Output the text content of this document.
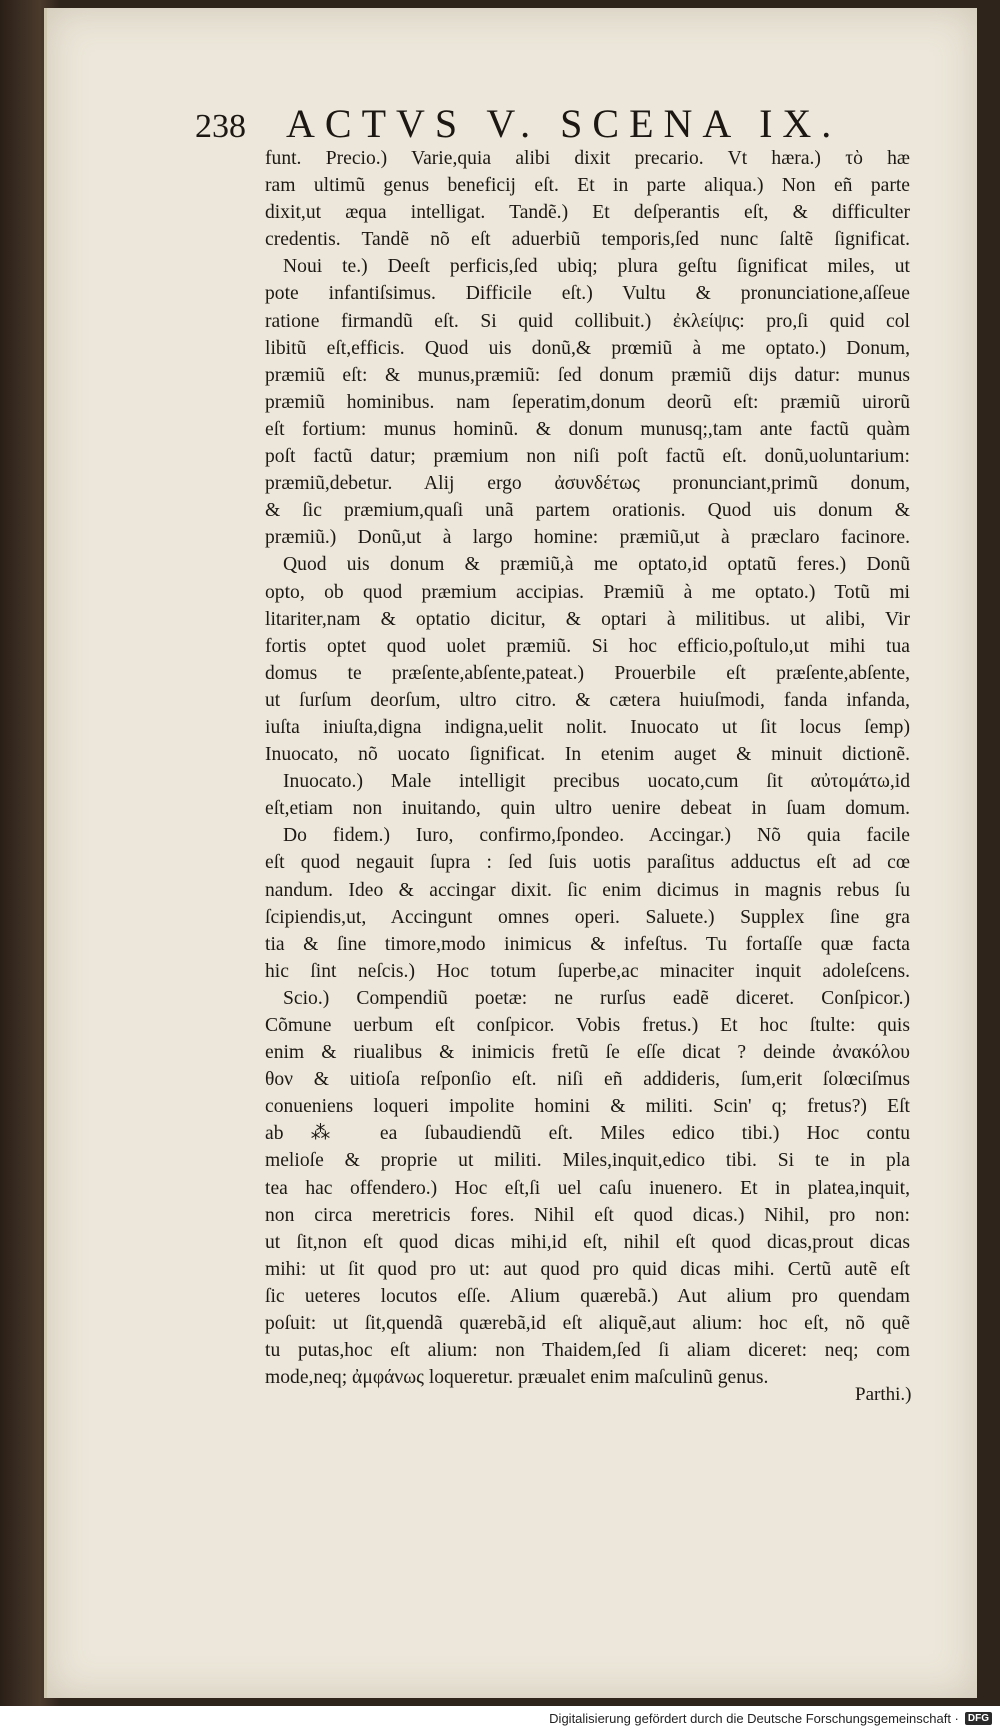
238 ACTVS V. SCENA IX.
funt. Precio.) Varie,quia alibi dixit precario. Vt hæra.) τὸ hæ
ram ultimũ genus beneficij eſt. Et in parte aliqua.) Non eñ parte
dixit,ut æqua intelligat. Tandẽ.) Et deſperantis eſt, & difficulter
credentis. Tandẽ nõ eſt aduerbiũ temporis,ſed nunc ſaltẽ ſignificat.
Noui te.) Deeſt perficis,ſed ubiq; plura geſtu ſignificat miles, ut
pote infantiſsimus. Difficile eſt.) Vultu & pronunciatione,aſſeue
ratione firmandũ eſt. Si quid collibuit.) ἐκλείψις: pro,ſi quid col
libitũ eſt,efficis. Quod uis donũ,& prœmiũ à me optato.) Donum,
præmiũ eſt: & munus,præmiũ: ſed donum præmiũ dijs datur: munus
præmiũ hominibus. nam ſeperatim,donum deorũ eſt: præmiũ uirorũ
eſt fortium: munus hominũ. & donum munusq;,tam ante factũ quàm
poſt factũ datur; præmium non niſi poſt factũ eſt. donũ,uoluntarium:
præmiũ,debetur. Alij ergo ἀσυνδέτως pronunciant,primũ donum,
& ſic præmium,quaſi unã partem orationis. Quod uis donum &
præmiũ.) Donũ,ut à largo homine: præmiũ,ut à præclaro facinore.
Quod uis donum & præmiũ,à me optato,id optatũ feres.) Donũ
opto, ob quod præmium accipias. Præmiũ à me optato.) Totũ mi
litariter,nam & optatio dicitur, & optari à militibus. ut alibi, Vir
fortis optet quod uolet præmiũ. Si hoc efficio,poſtulo,ut mihi tua
domus te præſente,abſente,pateat.) Prouerbile eſt præſente,abſente,
ut ſurſum deorſum, ultro citro. & cætera huiuſmodi, fanda infanda,
iuſta iniuſta,digna indigna,uelit nolit. Inuocato ut ſit locus ſemp)
Inuocato, nõ uocato ſignificat. In etenim auget & minuit dictionẽ.
Inuocato.) Male intelligit precibus uocato,cum ſit αὐτομάτω,id
eſt,etiam non inuitando, quin ultro uenire debeat in ſuam domum.
Do fidem.) Iuro, confirmo,ſpondeo. Accingar.) Nõ quia facile
eſt quod negauit ſupra : ſed ſuis uotis paraſitus adductus eſt ad cœ
nandum. Ideo & accingar dixit. ſic enim dicimus in magnis rebus ſu
ſcipiendis,ut, Accingunt omnes operi. Saluete.) Supplex ſine gra
tia & ſine timore,modo inimicus & infeſtus. Tu fortaſſe quæ facta
hic ſint neſcis.) Hoc totum ſuperbe,ac minaciter inquit adoleſcens.
Scio.) Compendiũ poetæ: ne rurſus eadẽ diceret. Conſpicor.)
Cõmune uerbum eſt conſpicor. Vobis fretus.) Et hoc ſtulte: quis
enim & riualibus & inimicis fretũ ſe eſſe dicat ? deinde ἀνακόλου
θον & uitioſa reſponſio eſt. niſi eñ addideris, ſum,erit ſolœciſmus
conueniens loqueri impolite homini & militi. Scin' q; fretus?) Eſt
ab ⁂ ea ſubaudiendũ eſt. Miles edico tibi.) Hoc contu
melioſe & proprie ut militi. Miles,inquit,edico tibi. Si te in pla
tea hac offendero.) Hoc eſt,ſi uel caſu inuenero. Et in platea,inquit,
non circa meretricis fores. Nihil eſt quod dicas.) Nihil, pro non:
ut ſit,non eſt quod dicas mihi,id eſt, nihil eſt quod dicas,prout dicas
mihi: ut ſit quod pro ut: aut quod pro quid dicas mihi. Certũ autẽ eſt
ſic ueteres locutos eſſe. Alium quærebã.) Aut alium pro quendam
poſuit: ut ſit,quendã quærebã,id eſt aliquẽ,aut alium: hoc eſt, nõ quẽ
tu putas,hoc eſt alium: non Thaidem,ſed ſi aliam diceret: neq; com
mode,neq; ἀμφάνως loqueretur. præualet enim maſculinũ genus.
Parthi.)
Digitalisierung gefördert durch die Deutsche Forschungsgemeinschaft · DFG
